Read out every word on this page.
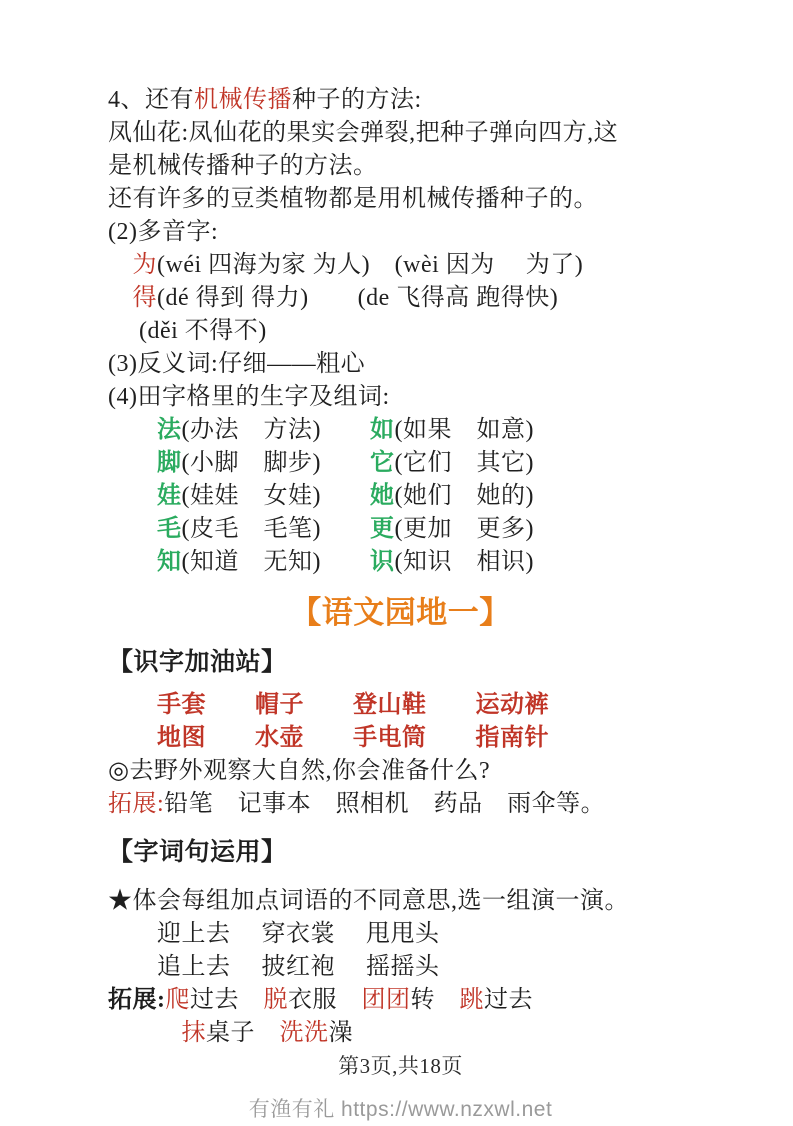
4、还有机械传播种子的方法:

凤仙花:凤仙花的果实会弹裂,把种子弹向四方,这

是机械传播种子的方法。

还有许多的豆类植物都是用机械传播种子的。

(2)多音字:

　为(wéi 四海为家 为人)　(wèi 因为　 为了)

　得(dé 得到 得力)　　(de 飞得高 跑得快)

　 (děi 不得不)

(3)反义词:仔细——粗心

(4)田字格里的生字及组词:

　　法(办法　方法)　　 如(如果　如意)

　　脚(小脚　脚步)　　 它(它们　其它)

　　娃(娃娃　女娃)　　 她(她们　她的)

　　毛(皮毛　毛笔)　　 更(更加　更多)

　　知(知道　无知)　　 识(知识　相识)

【语文园地一】

【识字加油站】

　　手套　　帽子　　登山鞋　　运动裤

　　地图　　水壶　　手电筒　　指南针

◎去野外观察大自然,你会准备什么?

拓展:铅笔　记事本　照相机　药品　雨伞等。

【字词句运用】

★体会每组加点词语的不同意思,选一组演一演。

　　迎上去　 穿衣裳　 甩甩头

　　追上去　 披红袍　 摇摇头

拓展:爬过去　脱衣服　团团转　跳过去

　　　抹桌子　洗洗澡

第3页,共18页

有渔有礼 https://www.nzxwl.net
